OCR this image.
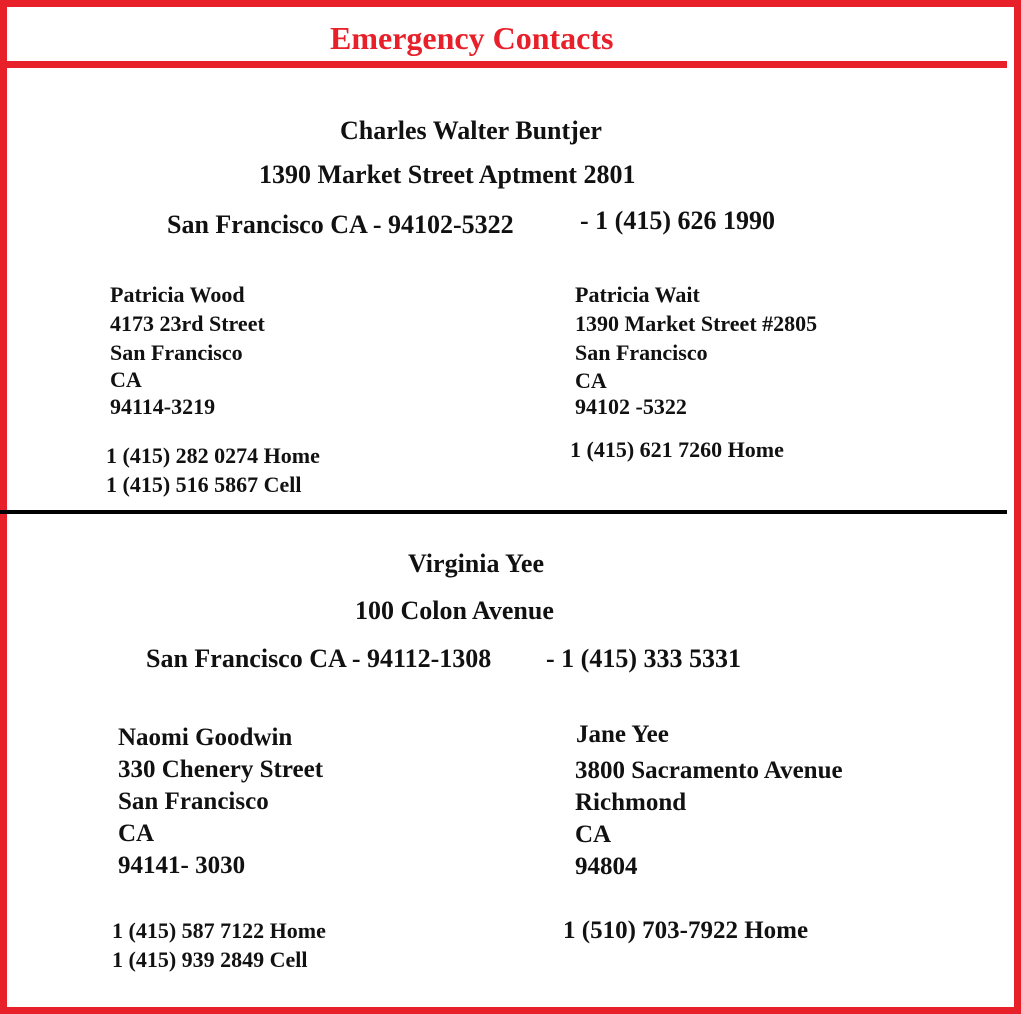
Emergency Contacts
Charles Walter Buntjer
1390 Market Street Aptment 2801
San Francisco CA - 94102-5322	- 1 (415) 626 1990
Patricia Wood
4173 23rd Street
San Francisco
CA
94114-3219
1 (415) 282 0274 Home
1 (415) 516 5867 Cell
Patricia Wait
1390 Market Street #2805
San Francisco
CA
94102 -5322
1 (415) 621 7260 Home
Virginia Yee
100 Colon Avenue
San Francisco CA - 94112-1308 - 1 (415) 333 5331
Naomi Goodwin
330 Chenery Street
San Francisco
CA
94141- 3030
1 (415) 587 7122 Home
1 (415) 939 2849 Cell
Jane Yee
3800 Sacramento Avenue
Richmond
CA
94804
1 (510) 703-7922 Home
